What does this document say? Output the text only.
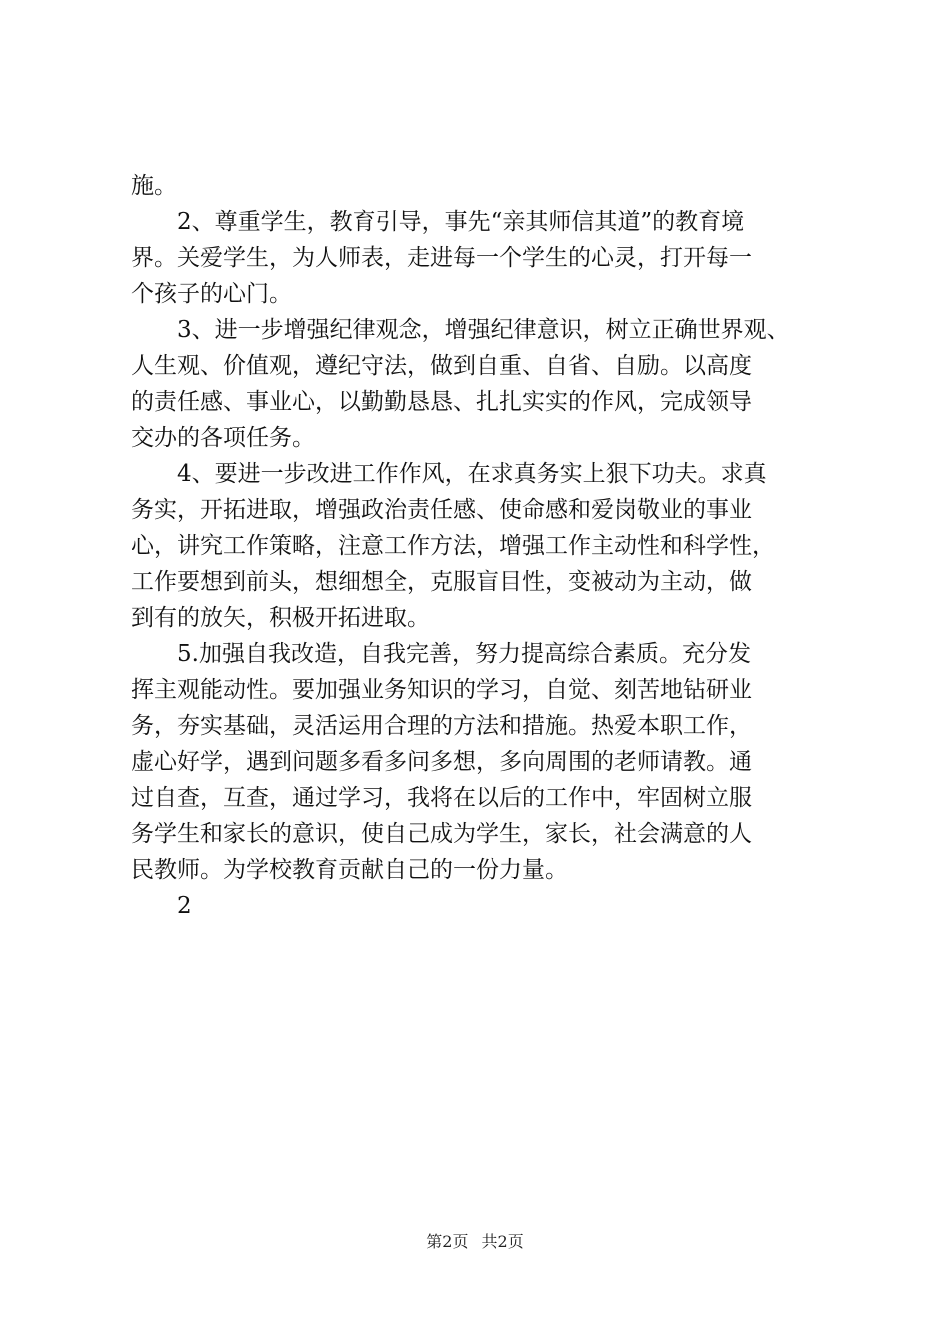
施。
　　2、尊重学生，教育引导，事先“亲其师信其道”的教育境
界。关爱学生，为人师表，走进每一个学生的心灵，打开每一
个孩子的心门。
　　3、进一步增强纪律观念，增强纪律意识，树立正确世界观、
人生观、价值观，遵纪守法，做到自重、自省、自励。以高度
的责任感、事业心，以勤勤恳恳、扎扎实实的作风，完成领导
交办的各项任务。
　　4、要进一步改进工作作风，在求真务实上狠下功夫。求真
务实，开拓进取，增强政治责任感、使命感和爱岗敬业的事业
心，讲究工作策略，注意工作方法，增强工作主动性和科学性，
工作要想到前头，想细想全，克服盲目性，变被动为主动，做
到有的放矢，积极开拓进取。
　　5.加强自我改造，自我完善，努力提高综合素质。充分发
挥主观能动性。要加强业务知识的学习，自觉、刻苦地钻研业
务，夯实基础，灵活运用合理的方法和措施。热爱本职工作，
虚心好学，遇到问题多看多问多想，多向周围的老师请教。通
过自查，互查，通过学习，我将在以后的工作中，牢固树立服
务学生和家长的意识，使自己成为学生，家长，社会满意的人
民教师。为学校教育贡献自己的一份力量。
　　2
第2页 共2页
